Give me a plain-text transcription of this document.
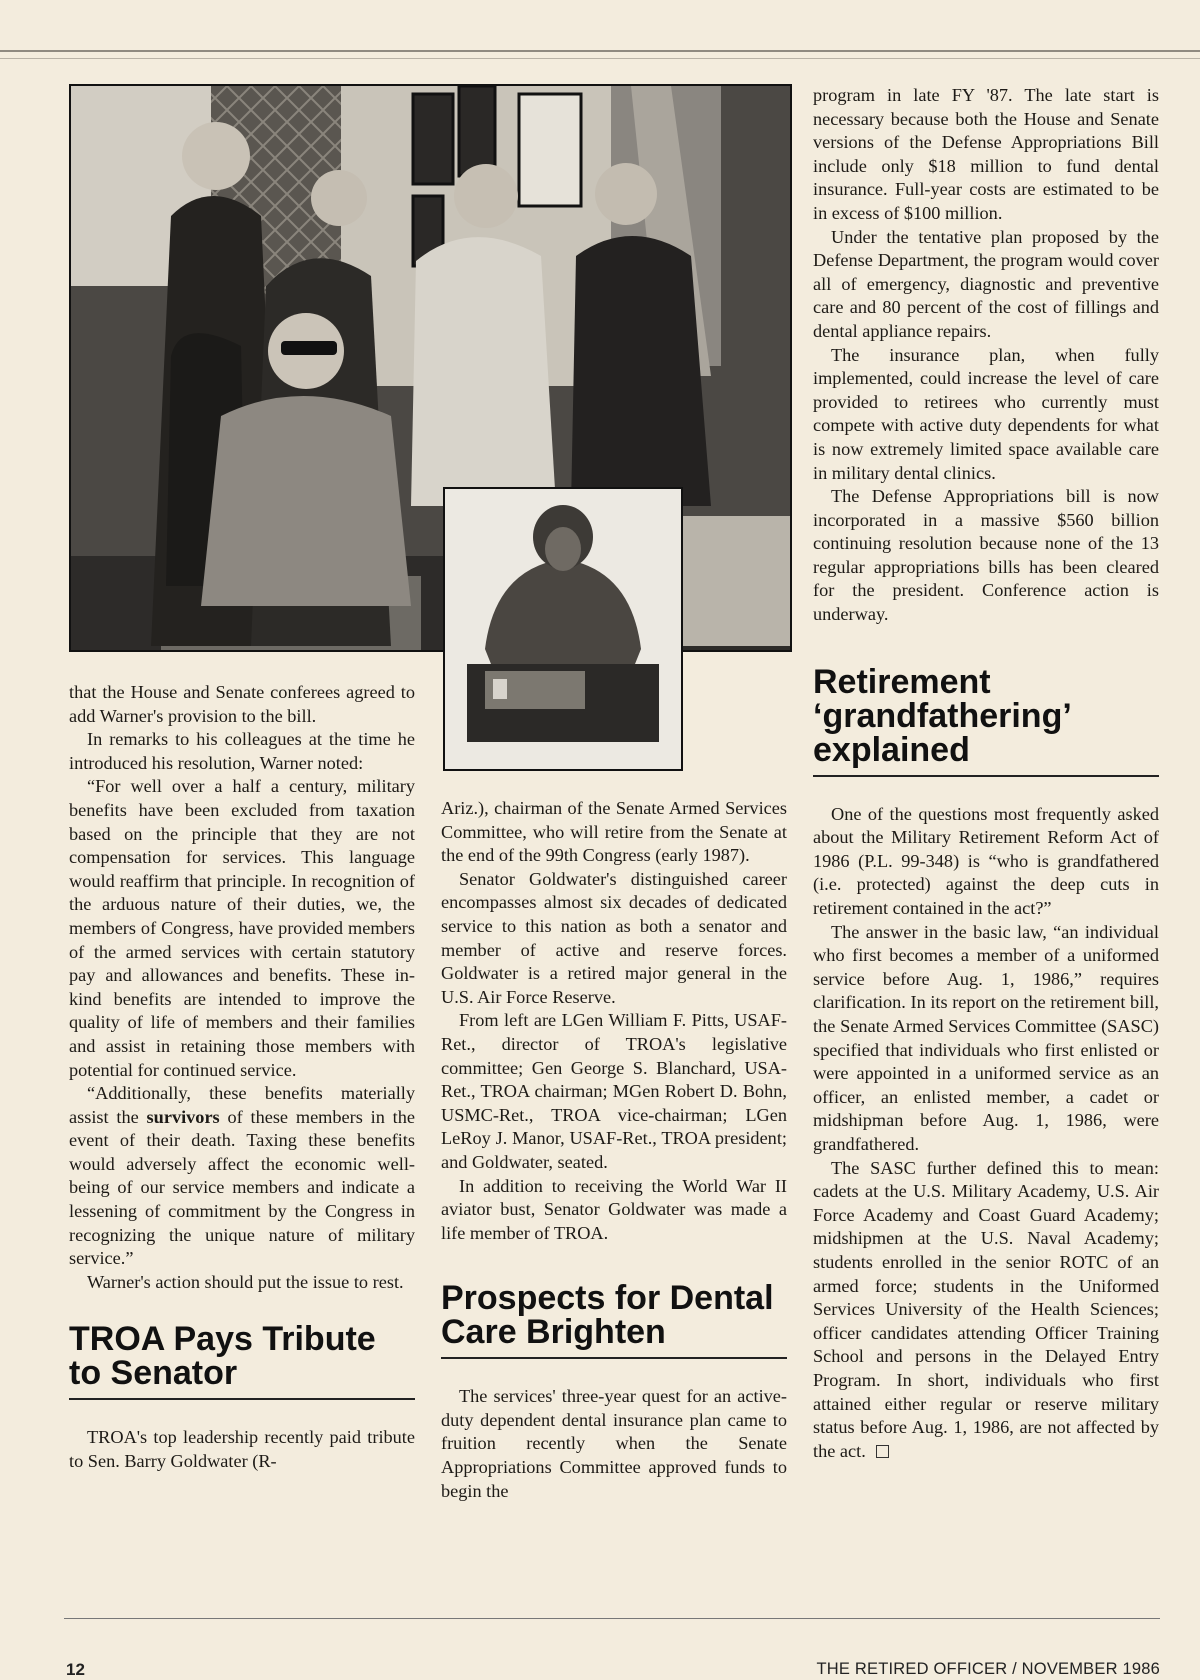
that the House and Senate conferees agreed to add Warner's provision to the bill.

In remarks to his colleagues at the time he introduced his resolution, Warner noted:

“For well over a half a century, military benefits have been excluded from taxation based on the principle that they are not compensation for services. This language would reaffirm that principle. In recognition of the arduous nature of their duties, we, the members of Congress, have provided members of the armed services with certain statutory pay and allowances and benefits. These in-kind benefits are intended to improve the quality of life of members and their families and assist in retaining those members with potential for continued service.

“Additionally, these benefits materially assist the survivors of these members in the event of their death. Taxing these benefits would adversely affect the economic well-being of our service members and indicate a lessening of commitment by the Congress in recognizing the unique nature of military service.”

Warner's action should put the issue to rest.

TROA Pays Tribute to Senator

TROA's top leadership recently paid tribute to Sen. Barry Goldwater (R-

Ariz.), chairman of the Senate Armed Services Committee, who will retire from the Senate at the end of the 99th Congress (early 1987).

Senator Goldwater's distinguished career encompasses almost six decades of dedicated service to this nation as both a senator and member of active and reserve forces. Goldwater is a retired major general in the U.S. Air Force Reserve.

From left are LGen William F. Pitts, USAF-Ret., director of TROA's legislative committee; Gen George S. Blanchard, USA-Ret., TROA chairman; MGen Robert D. Bohn, USMC-Ret., TROA vice-chairman; LGen LeRoy J. Manor, USAF-Ret., TROA president; and Goldwater, seated.

In addition to receiving the World War II aviator bust, Senator Goldwater was made a life member of TROA.

Prospects for Dental Care Brighten

The services' three-year quest for an active-duty dependent dental insurance plan came to fruition recently when the Senate Appropriations Committee approved funds to begin the

program in late FY '87. The late start is necessary because both the House and Senate versions of the Defense Appropriations Bill include only $18 million to fund dental insurance. Full-year costs are estimated to be in excess of $100 million.

Under the tentative plan proposed by the Defense Department, the program would cover all of emergency, diagnostic and preventive care and 80 percent of the cost of fillings and dental appliance repairs.

The insurance plan, when fully implemented, could increase the level of care provided to retirees who currently must compete with active duty dependents for what is now extremely limited space available care in military dental clinics.

The Defense Appropriations bill is now incorporated in a massive $560 billion continuing resolution because none of the 13 regular appropriations bills has been cleared for the president. Conference action is underway.

Retirement ‘grandfathering’ explained

One of the questions most frequently asked about the Military Retirement Reform Act of 1986 (P.L. 99-348) is “who is grandfathered (i.e. protected) against the deep cuts in retirement contained in the act?”

The answer in the basic law, “an individual who first becomes a member of a uniformed service before Aug. 1, 1986,” requires clarification. In its report on the retirement bill, the Senate Armed Services Committee (SASC) specified that individuals who first enlisted or were appointed in a uniformed service as an officer, an enlisted member, a cadet or midshipman before Aug. 1, 1986, were grandfathered.

The SASC further defined this to mean: cadets at the U.S. Military Academy, U.S. Air Force Academy and Coast Guard Academy; midshipmen at the U.S. Naval Academy; students enrolled in the senior ROTC of an armed force; students in the Uniformed Services University of the Health Sciences; officer candidates attending Officer Training School and persons in the Delayed Entry Program. In short, individuals who first attained either regular or reserve military status before Aug. 1, 1986, are not affected by the act.

12	THE RETIRED OFFICER / NOVEMBER 1986
